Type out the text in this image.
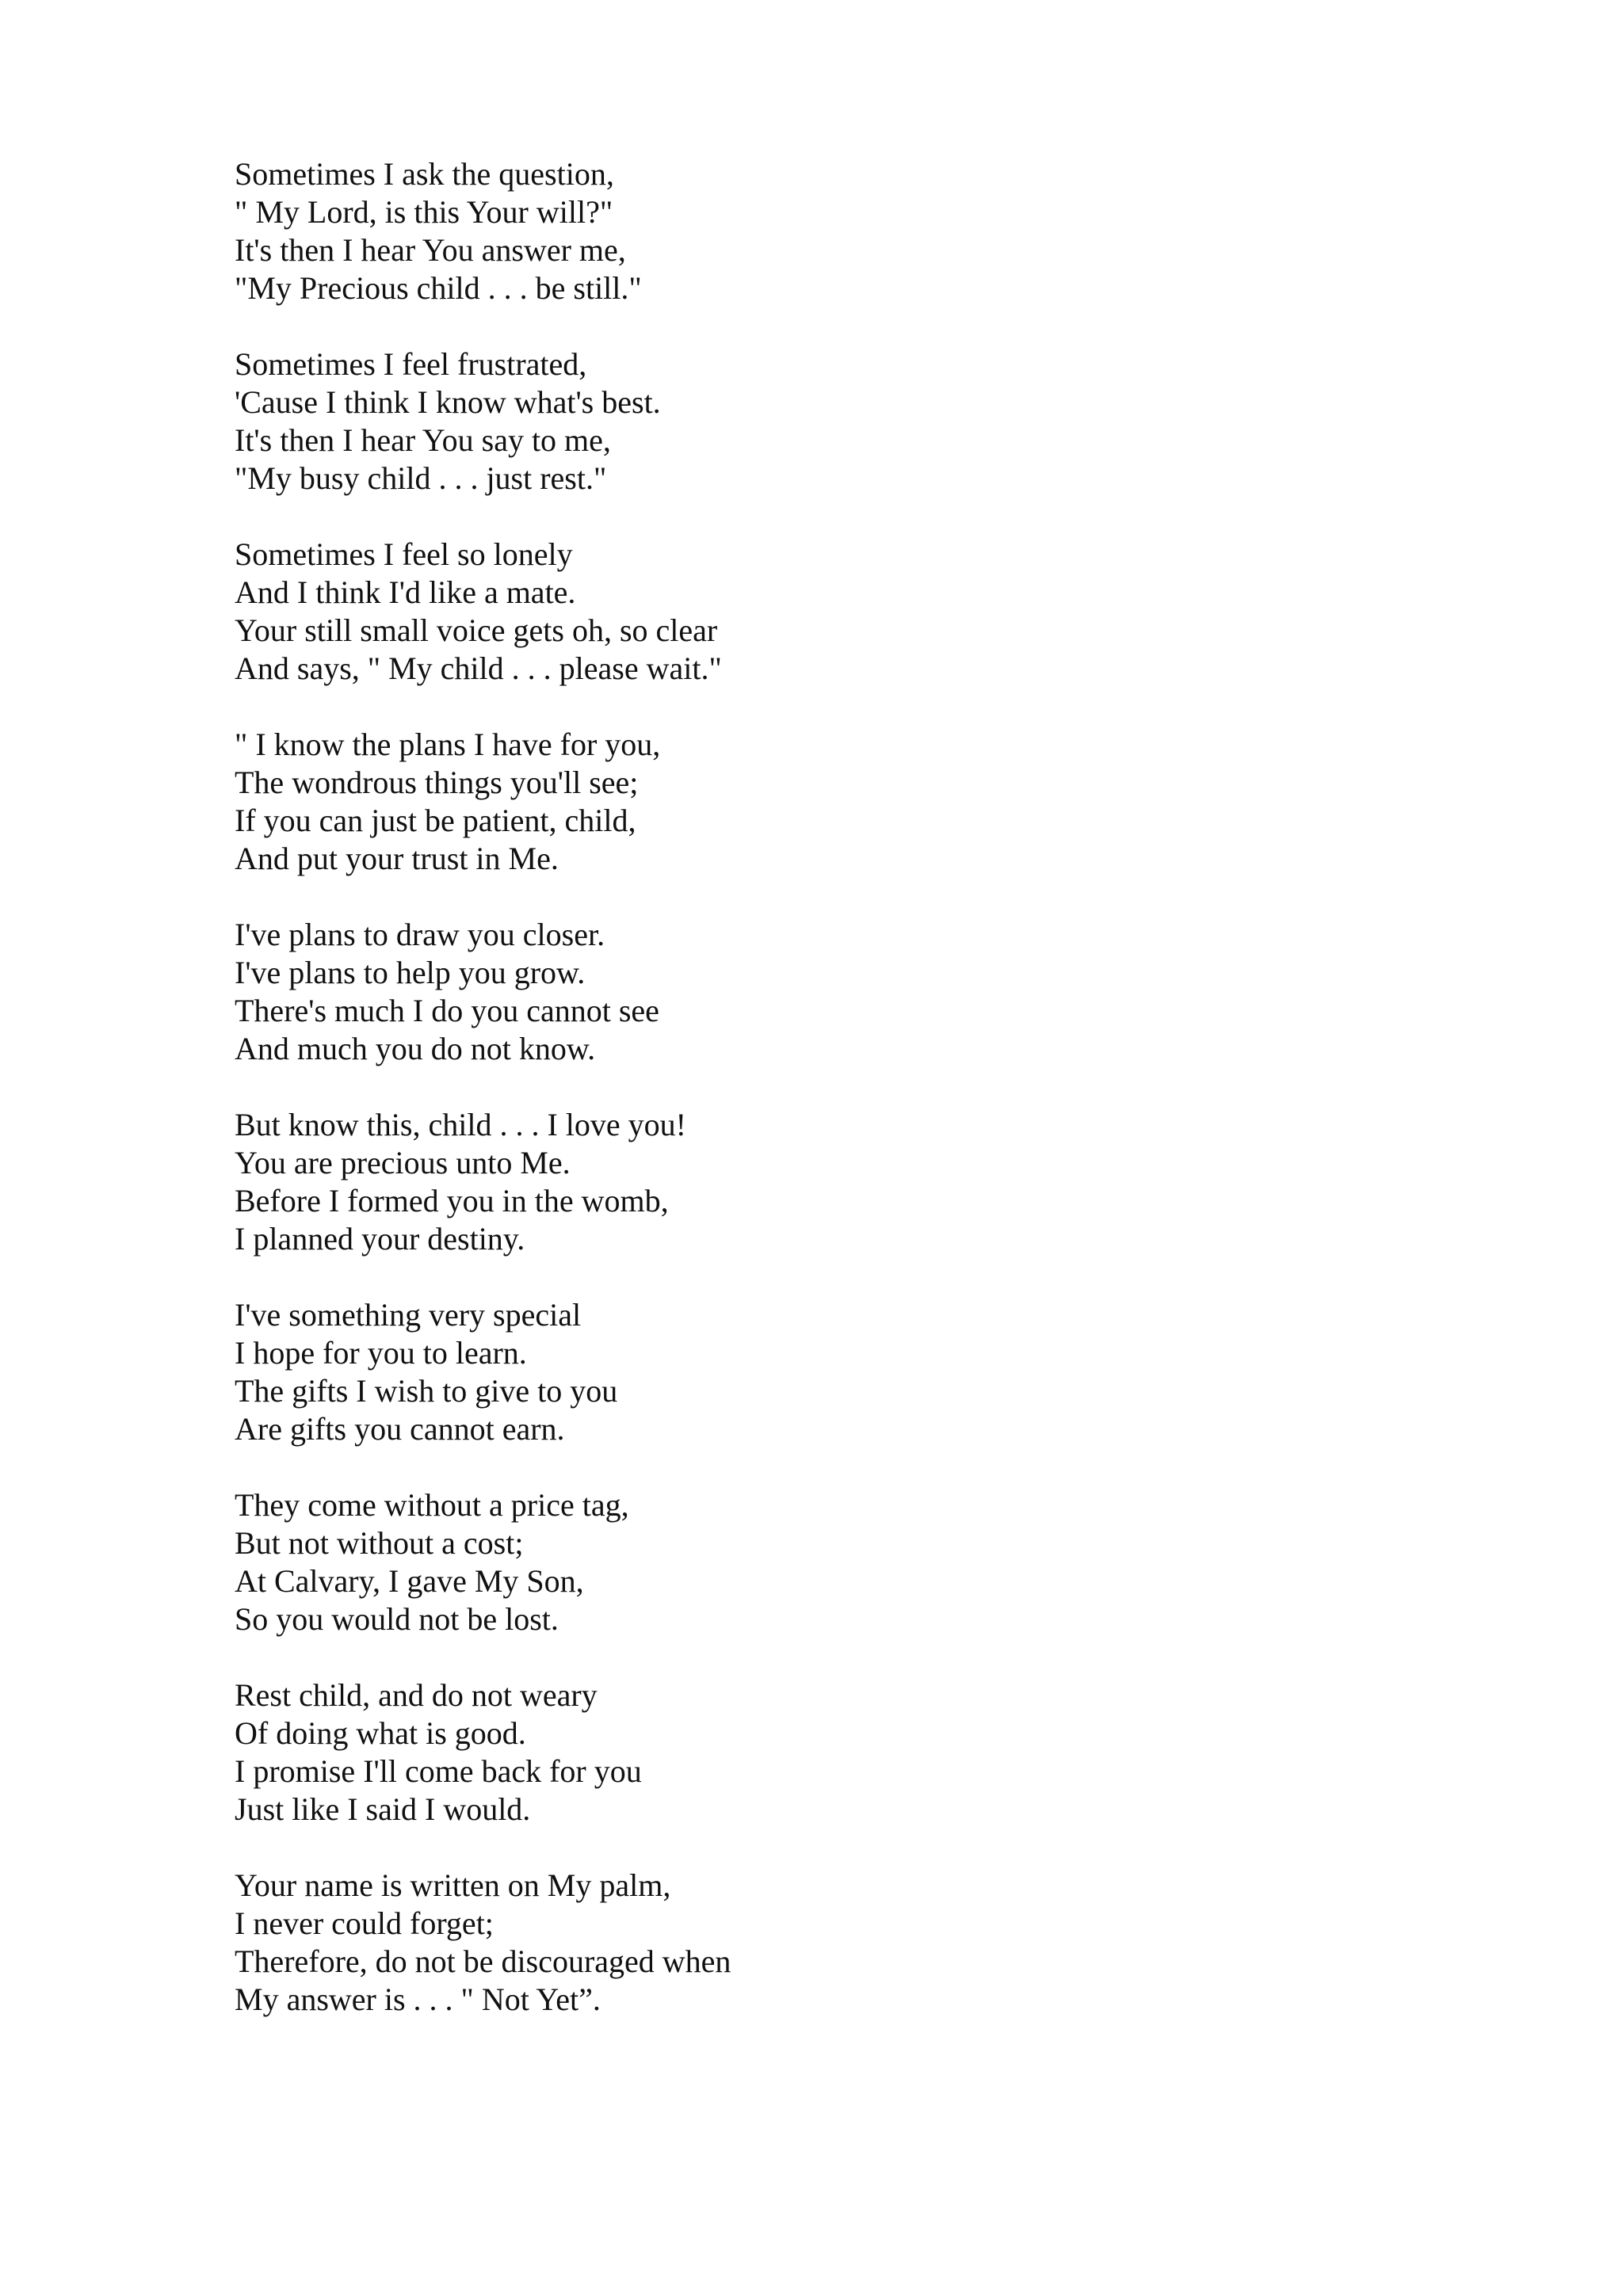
Sometimes I ask the question,
" My Lord, is this Your will?"
It's then I hear You answer me,
"My Precious child . . . be still."
Sometimes I feel frustrated,
'Cause I think I know what's best.
It's then I hear You say to me,
"My busy child . . . just rest."
Sometimes I feel so lonely
And I think I'd like a mate.
Your still small voice gets oh, so clear
And says, " My child . . . please wait."
" I know the plans I have for you,
The wondrous things you'll see;
If you can just be patient, child,
And put your trust in Me.
I've plans to draw you closer.
I've plans to help you grow.
There's much I do you cannot see
And much you do not know.
But know this, child . . . I love you!
You are precious unto Me.
Before I formed you in the womb,
I planned your destiny.
I've something very special
I hope for you to learn.
The gifts I wish to give to you
Are gifts you cannot earn.
They come without a price tag,
But not without a cost;
At Calvary, I gave My Son,
So you would not be lost.
Rest child, and do not weary
Of doing what is good.
I promise I'll come back for you
Just like I said I would.
Your name is written on My palm,
I never could forget;
Therefore, do not be discouraged when
My answer is . . . " Not Yet”.
